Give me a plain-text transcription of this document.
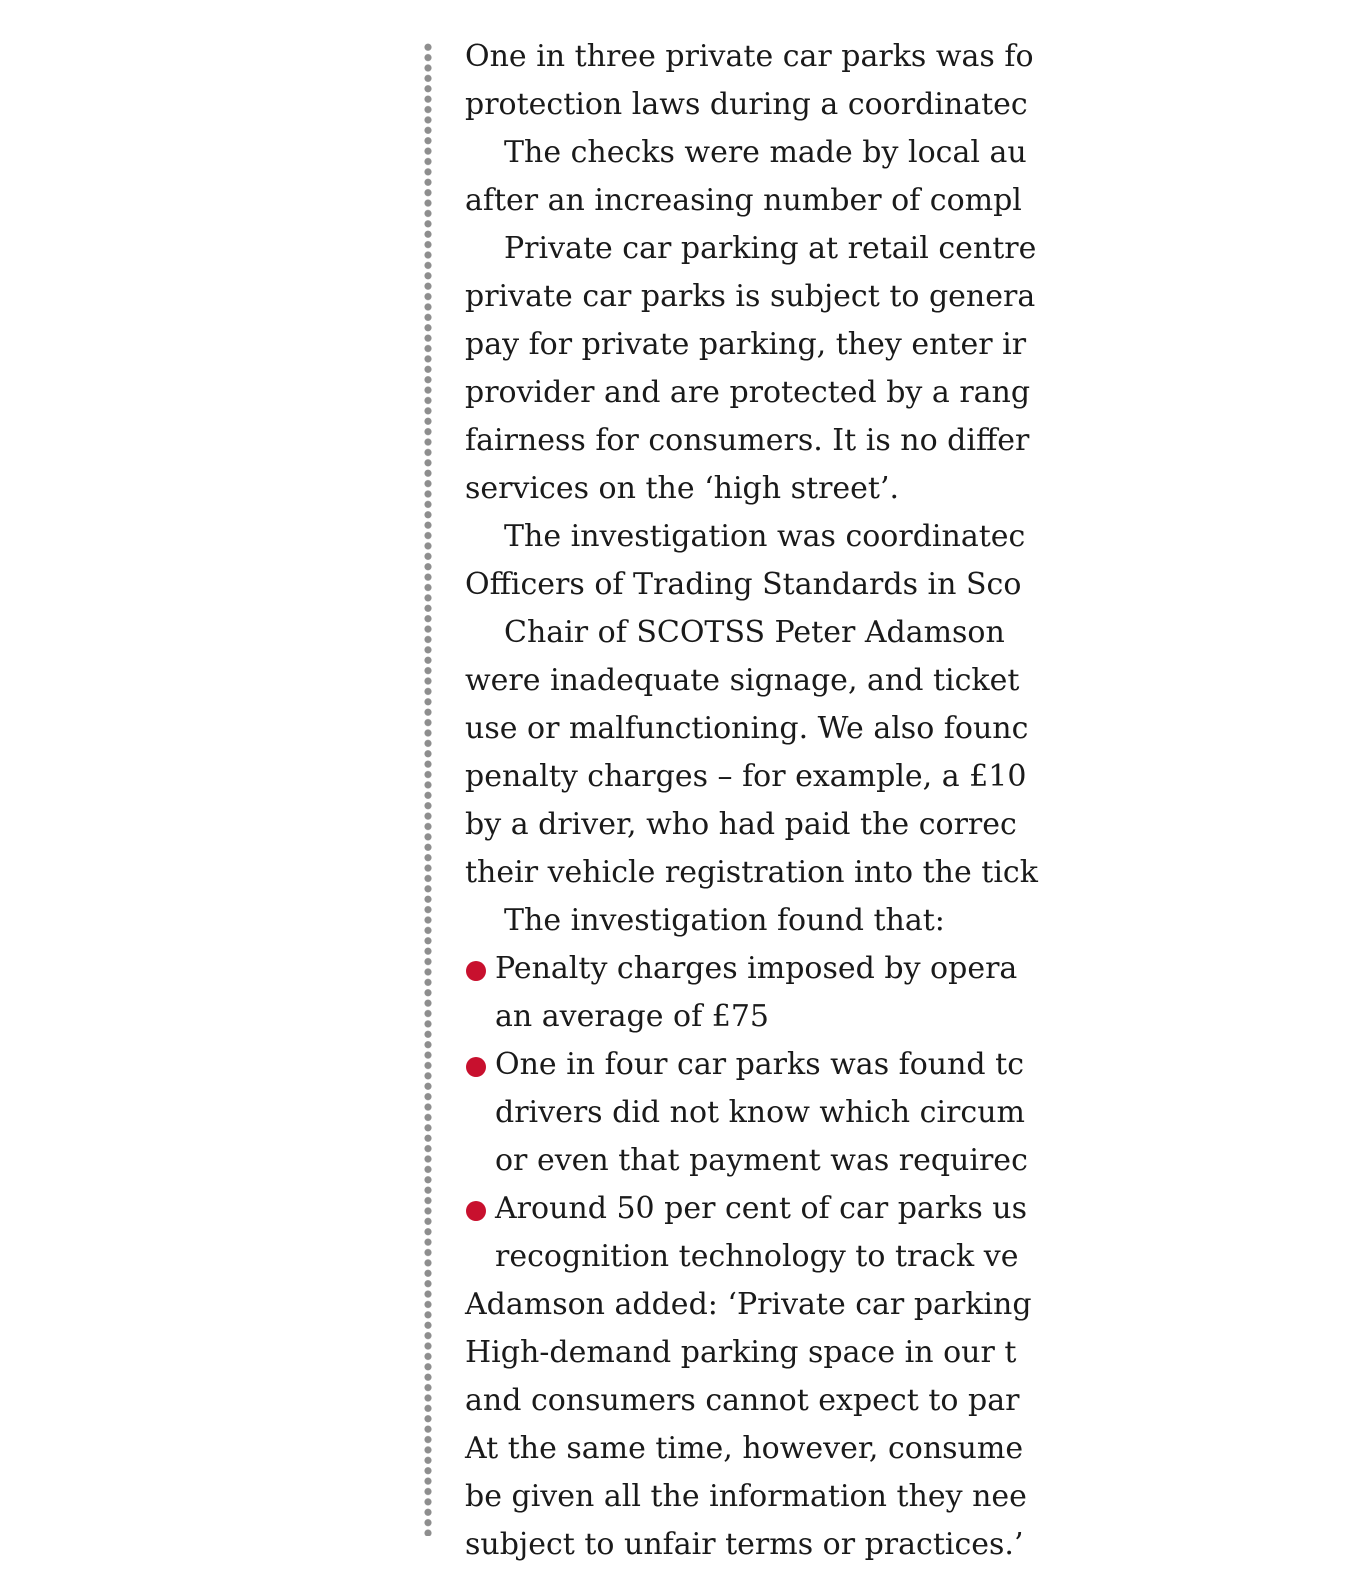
One in three private car parks was fo
protection laws during a coordinatec
The checks were made by local au
after an increasing number of compl
Private car parking at retail centre
private car parks is subject to genera
pay for private parking, they enter ir
provider and are protected by a rang
fairness for consumers. It is no differ
services on the ‘high street’.
The investigation was coordinatec
Officers of Trading Standards in Sco
Chair of SCOTSS Peter Adamson
were inadequate signage, and ticket
use or malfunctioning. We also founc
penalty charges – for example, a £10
by a driver, who had paid the correc
their vehicle registration into the tick
The investigation found that:
Penalty charges imposed by opera
an average of £75
One in four car parks was found tc
drivers did not know which circum
or even that payment was requirec
Around 50 per cent of car parks us
recognition technology to track ve
Adamson added: ‘Private car parking
High-demand parking space in our t
and consumers cannot expect to par
At the same time, however, consume
be given all the information they nee
subject to unfair terms or practices.’
